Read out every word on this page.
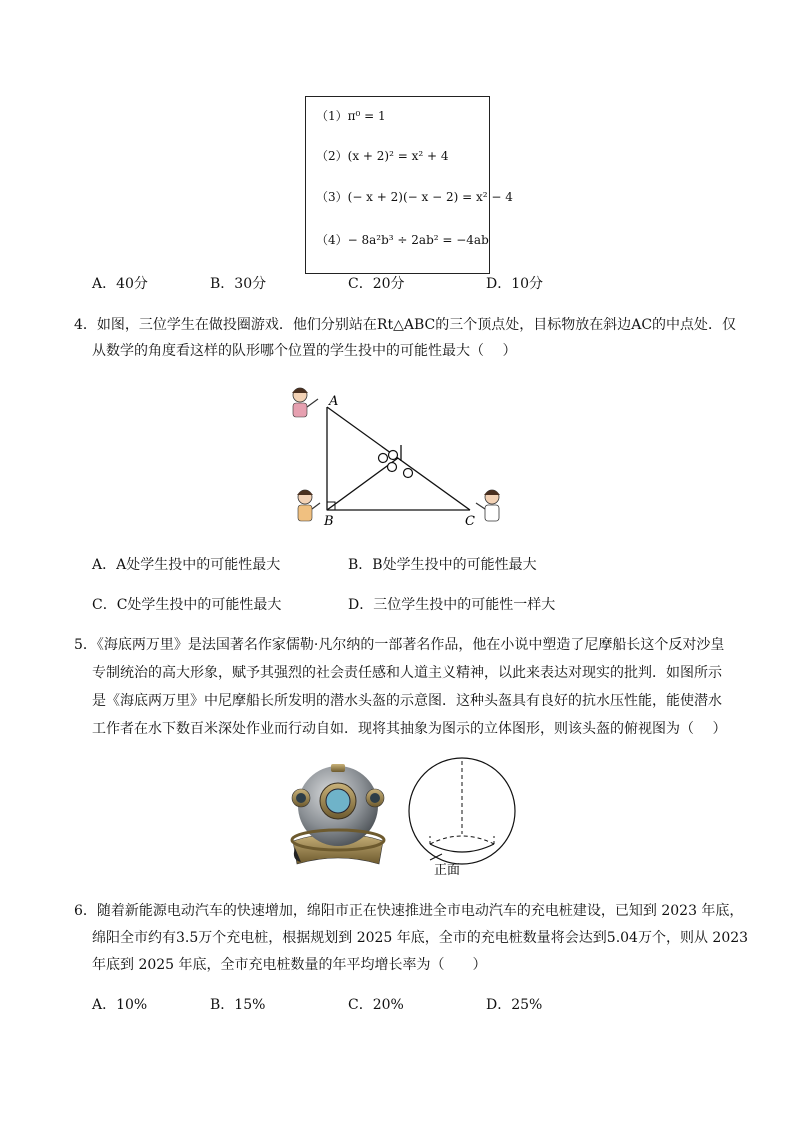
（1）π⁰ = 1
（2）(x + 2)² = x² + 4
（3）(− x + 2)(− x − 2) = x² − 4
（4）− 8a²b³ ÷ 2ab² = −4ab
A．40分	B．30分	C．20分	D．10分
4．如图，三位学生在做投圈游戏．他们分别站在Rt△ABC的三个顶点处，目标物放在斜边AC的中点处．仅
从数学的角度看这样的队形哪个位置的学生投中的可能性最大（　 ）
A
B	C
A．A处学生投中的可能性最大	B．B处学生投中的可能性最大
C．C处学生投中的可能性最大	D．三位学生投中的可能性一样大
5．《海底两万里》是法国著名作家儒勒·凡尔纳的一部著名作品，他在小说中塑造了尼摩船长这个反对沙皇
专制统治的高大形象，赋予其强烈的社会责任感和人道主义精神，以此来表达对现实的批判．如图所示
是《海底两万里》中尼摩船长所发明的潜水头盔的示意图．这种头盔具有良好的抗水压性能，能使潜水
工作者在水下数百米深处作业而行动自如．现将其抽象为图示的立体图形，则该头盔的俯视图为（　 ）
正面
6．随着新能源电动汽车的快速增加，绵阳市正在快速推进全市电动汽车的充电桩建设，已知到 2023 年底，
绵阳全市约有3.5万个充电桩，根据规划到 2025 年底，全市的充电桩数量将会达到5.04万个，则从 2023
年底到 2025 年底，全市充电桩数量的年平均增长率为（　　）
A．10%	B．15%	C．20%	D．25%
